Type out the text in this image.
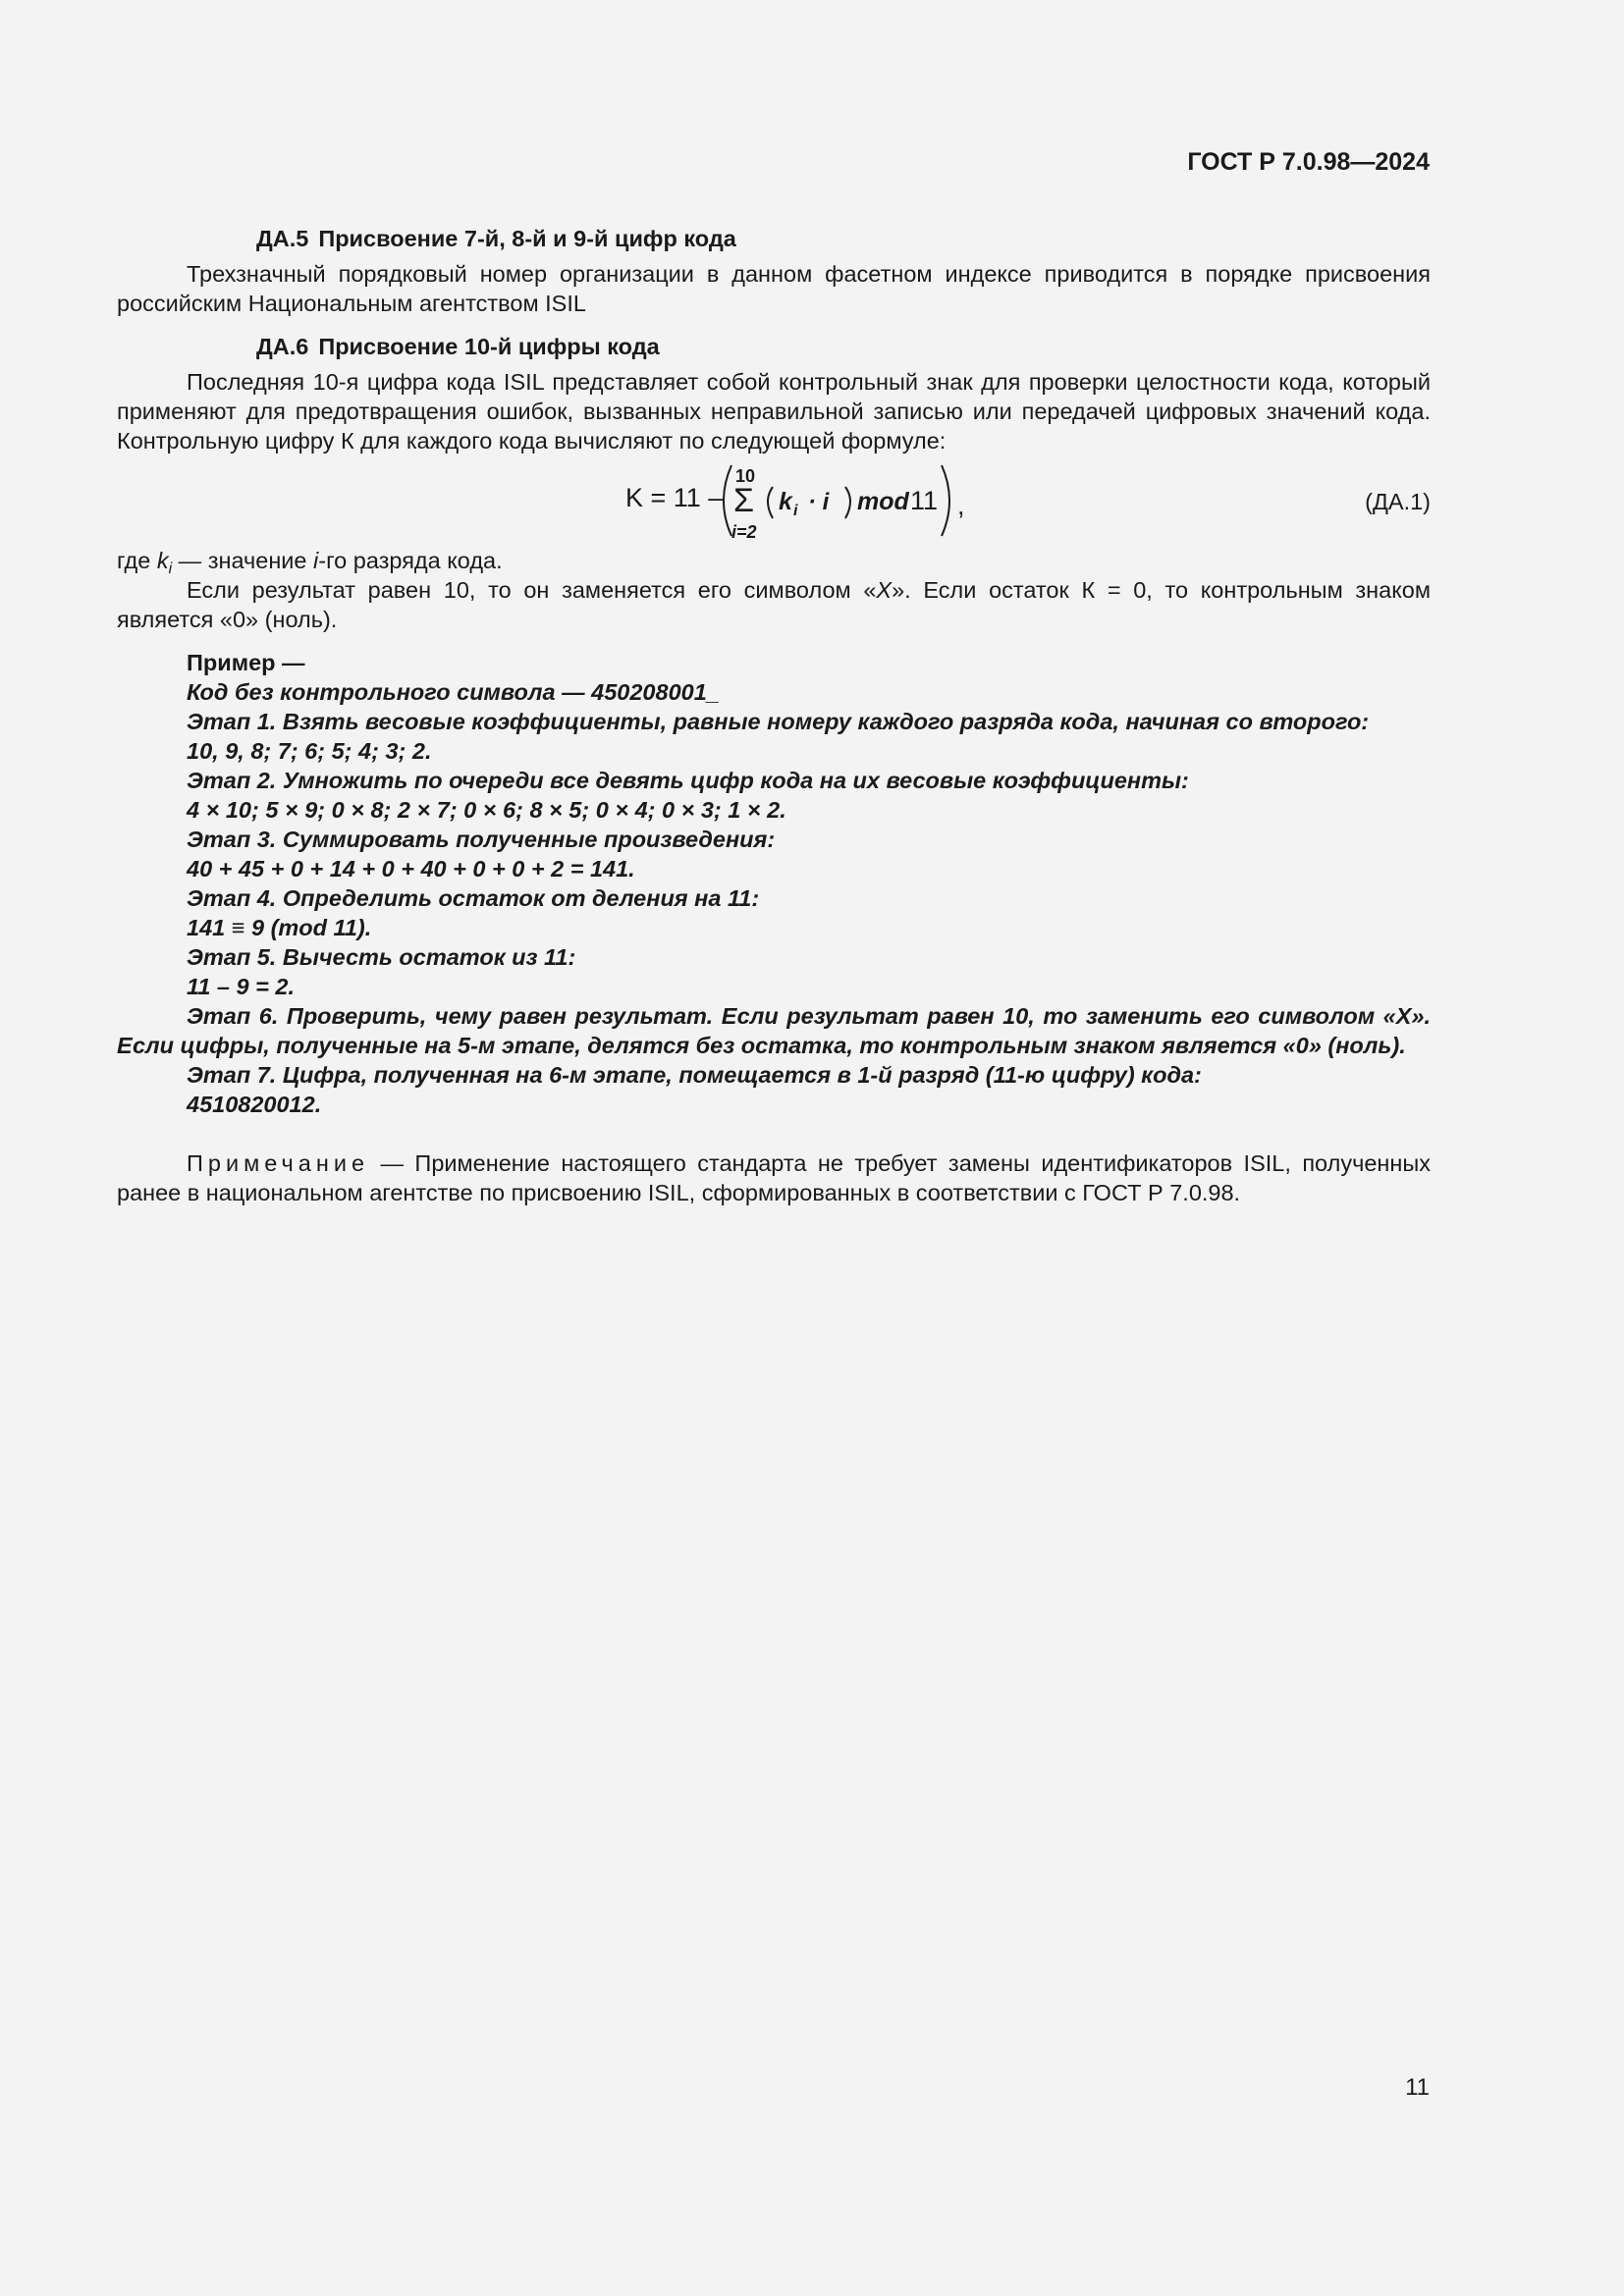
ГОСТ Р 7.0.98—2024
ДА.5 Присвоение 7-й, 8-й и 9-й цифр кода

Трехзначный порядковый номер организации в данном фасетном индексе приводится в порядке присвоения российским Национальным агентством ISIL

ДА.6 Присвоение 10-й цифры кода

Последняя 10-я цифра кода ISIL представляет собой контрольный знак для проверки целостности кода, который применяют для предотвращения ошибок, вызванных неправильной записью или передачей цифровых значений кода. Контрольную цифру К для каждого кода вычисляют по следующей формуле:

K = 11 –
10
Σ
i=2
k i · i mod 11 ,	(ДА.1)

где $k_i$ — значение i-го разряда кода.

Если результат равен 10, то он заменяется его символом «X». Если остаток К = 0, то контрольным знаком является «0» (ноль).

Пример —
Код без контрольного символа — 450208001_
Этап 1. Взять весовые коэффициенты, равные номеру каждого разряда кода, начиная со второго:
10, 9, 8; 7; 6; 5; 4; 3; 2.
Этап 2. Умножить по очереди все девять цифр кода на их весовые коэффициенты:
4 × 10; 5 × 9; 0 × 8; 2 × 7; 0 × 6; 8 × 5; 0 × 4; 0 × 3; 1 × 2.
Этап 3. Суммировать полученные произведения:
40 + 45 + 0 + 14 + 0 + 40 + 0 + 0 + 2 = 141.
Этап 4. Определить остаток от деления на 11:
141 ≡ 9 (mod 11).
Этап 5. Вычесть остаток из 11:
11 – 9 = 2.

Этап 6. Проверить, чему равен результат. Если результат равен 10, то заменить его символом «X». Если цифры, полученные на 5-м этапе, делятся без остатка, то контрольным знаком является «0» (ноль).

Этап 7. Цифра, полученная на 6-м этапе, помещается в 1-й разряд (11-ю цифру) кода:
4510820012.

Примечание — Применение настоящего стандарта не требует замены идентификаторов ISIL, полученных ранее в национальном агентстве по присвоению ISIL, сформированных в соответствии с ГОСТ Р 7.0.98.

11
